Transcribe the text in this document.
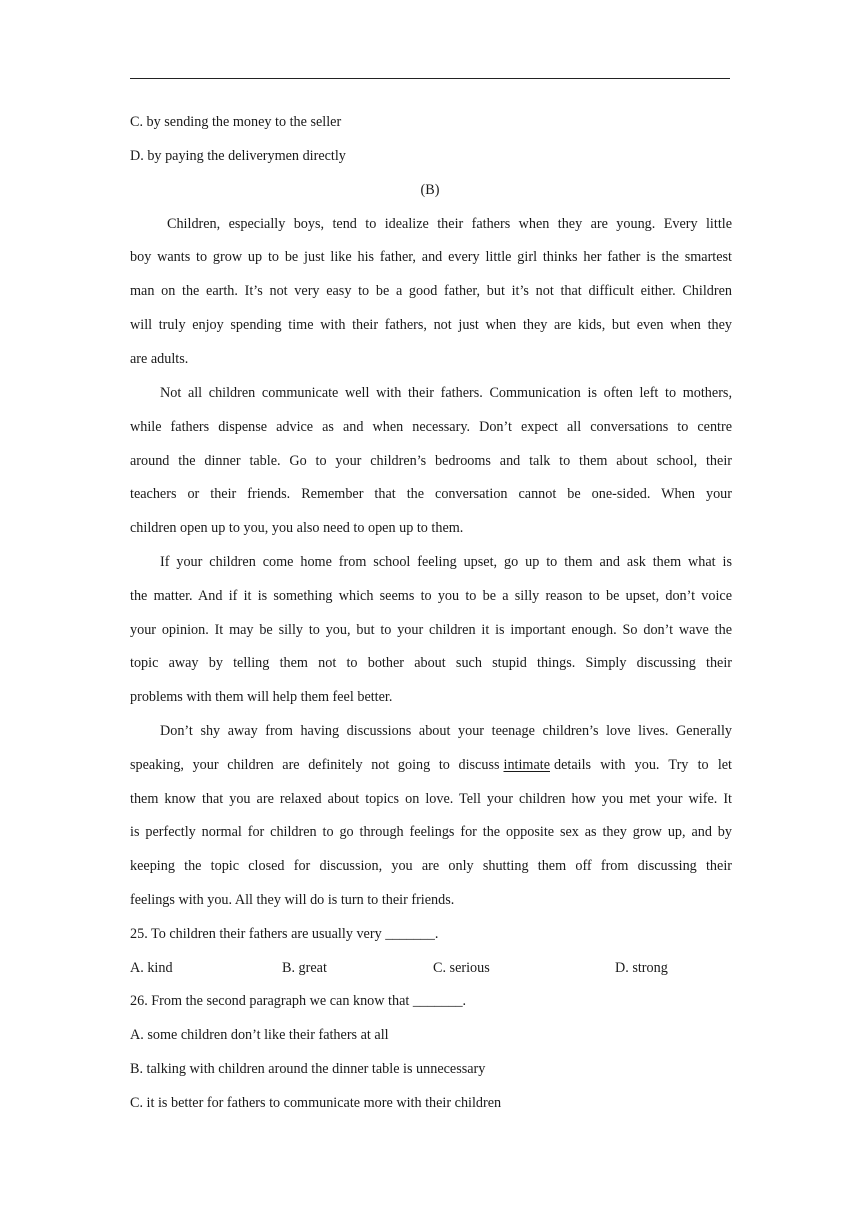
C. by sending the money to the seller
D. by paying the deliverymen directly
(B)
Children, especially boys, tend to idealize their fathers when they are young. Every little
boy wants to grow up to be just like his father, and every little girl thinks her father is the smartest
man on the earth. It’s not very easy to be a good father, but it’s not that difficult either. Children
will truly enjoy spending time with their fathers, not just when they are kids, but even when they
are adults.
Not all children communicate well with their fathers. Communication is often left to mothers,
while fathers dispense advice as and when necessary. Don’t expect all conversations to centre
around the dinner table. Go to your children’s bedrooms and talk to them about school, their
teachers or their friends. Remember that the conversation cannot be one-sided. When your
children open up to you, you also need to open up to them.
If your children come home from school feeling upset, go up to them and ask them what is
the matter. And if it is something which seems to you to be a silly reason to be upset, don’t voice
your opinion. It may be silly to you, but to your children it is important enough. So don’t wave the
topic away by telling them not to bother about such stupid things. Simply discussing their
problems with them will help them feel better.
Don’t shy away from having discussions about your teenage children’s love lives. Generally
speaking, your children are definitely not going to discuss intimate details with you. Try to let
them know that you are relaxed about topics on love. Tell your children how you met your wife. It
is perfectly normal for children to go through feelings for the opposite sex as they grow up, and by
keeping the topic closed for discussion, you are only shutting them off from discussing their
feelings with you. All they will do is turn to their friends.
25. To children their fathers are usually very _______.
A. kind	B. great	C. serious	D. strong
26. From the second paragraph we can know that _______.
A. some children don’t like their fathers at all
B. talking with children around the dinner table is unnecessary
C. it is better for fathers to communicate more with their children
